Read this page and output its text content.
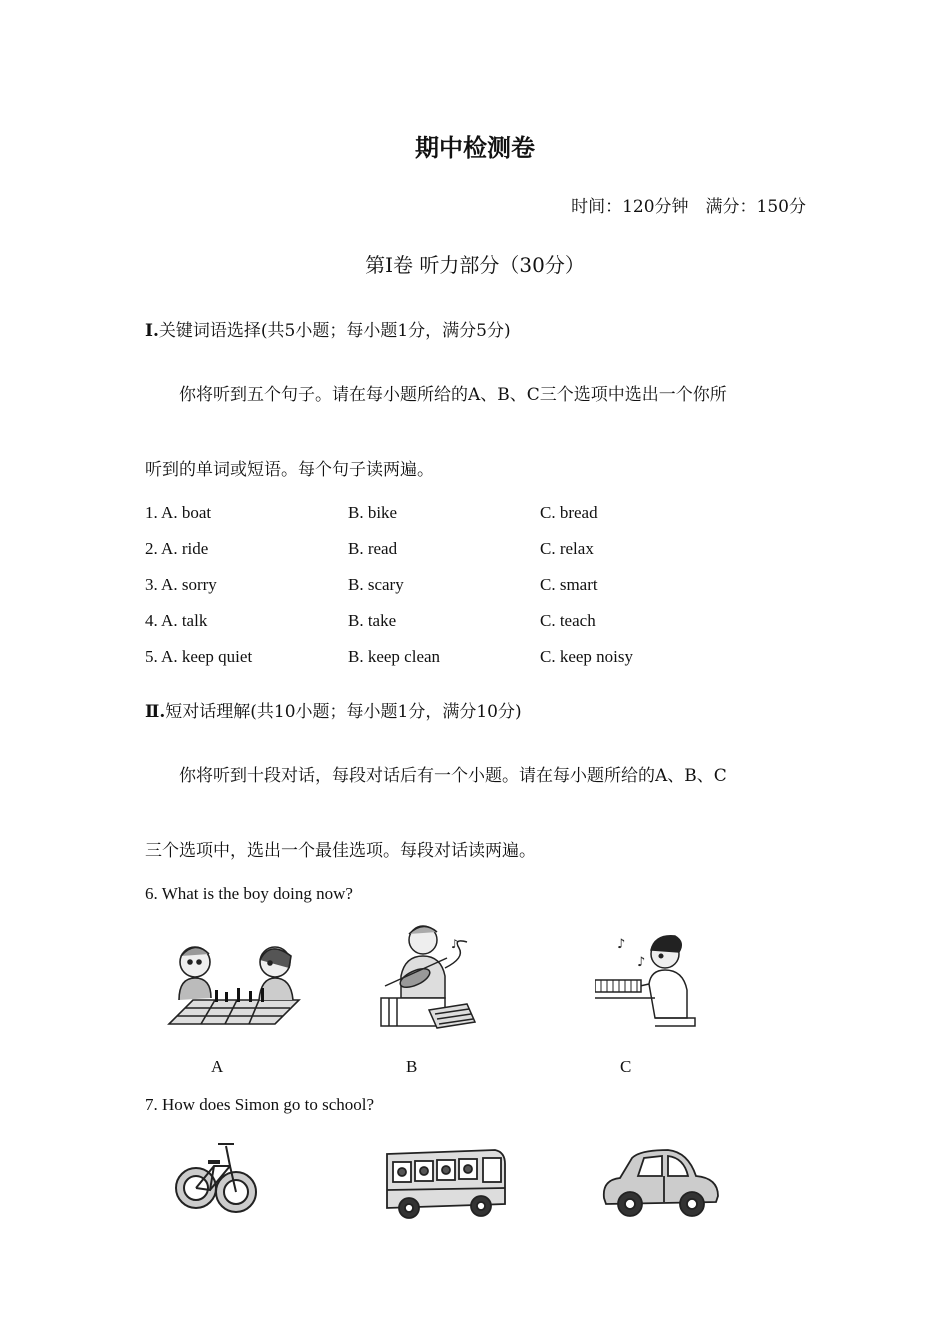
期中检测卷
时间：120分钟　满分：150分
第Ⅰ卷 听力部分（30分）
Ⅰ.关键词语选择(共5小题；每小题1分，满分5分)
你将听到五个句子。请在每小题所给的A、B、C三个选项中选出一个你所
听到的单词或短语。每个句子读两遍。
1. A. boat	B. bike	C. bread
2. A. ride	B. read	C. relax
3. A. sorry	B. scary	C. smart
4. A. talk	B. take	C. teach
5. A. keep quiet	B. keep clean	C. keep noisy
Ⅱ.短对话理解(共10小题；每小题1分，满分10分)
你将听到十段对话，每段对话后有一个小题。请在每小题所给的A、B、C
三个选项中，选出一个最佳选项。每段对话读两遍。
6. What is the boy doing now?
♪	♪
♪
A	B	C
7. How does Simon go to school?
